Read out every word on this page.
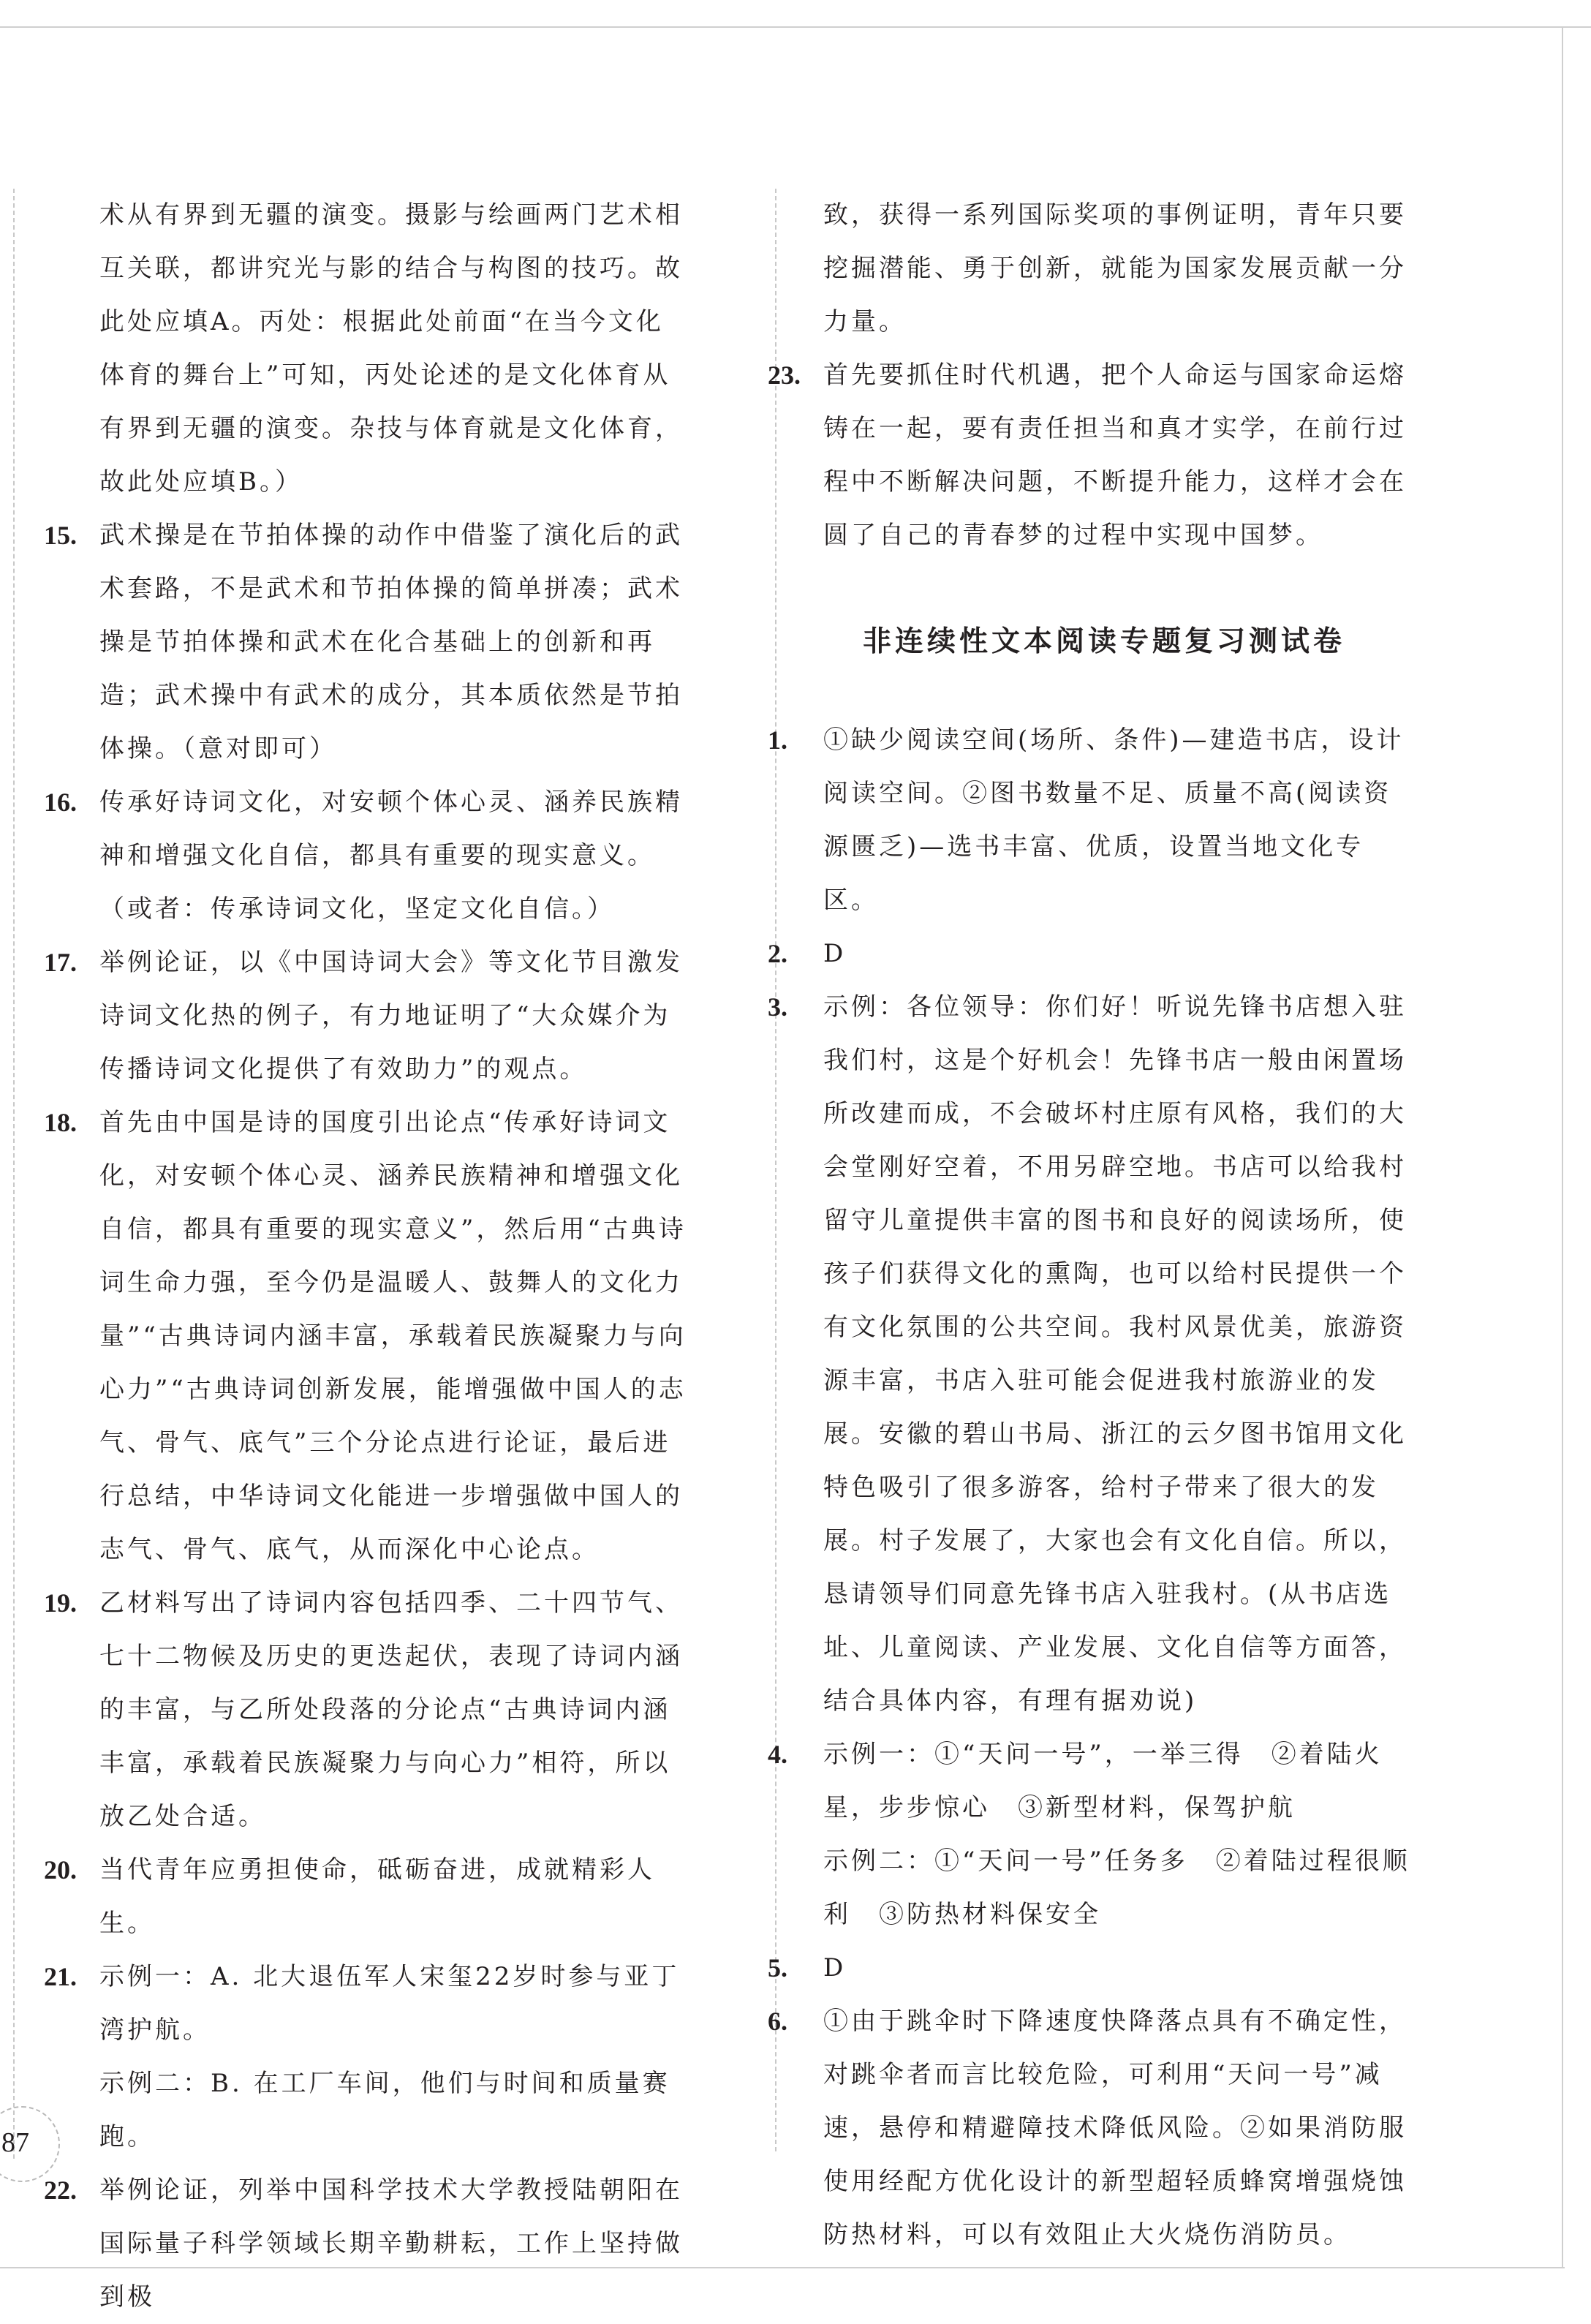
术从有界到无疆的演变。摄影与绘画两门艺术相互关联，都讲究光与影的结合与构图的技巧。故此处应填A。丙处：根据此处前面“在当今文化体育的舞台上”可知，丙处论述的是文化体育从有界到无疆的演变。杂技与体育就是文化体育，故此处应填B。）
15. 武术操是在节拍体操的动作中借鉴了演化后的武术套路，不是武术和节拍体操的简单拼凑；武术操是节拍体操和武术在化合基础上的创新和再造；武术操中有武术的成分，其本质依然是节拍体操。（意对即可）
16. 传承好诗词文化，对安顿个体心灵、涵养民族精神和增强文化自信，都具有重要的现实意义。（或者：传承诗词文化，坚定文化自信。）
17. 举例论证，以《中国诗词大会》等文化节目激发诗词文化热的例子，有力地证明了“大众媒介为传播诗词文化提供了有效助力”的观点。
18. 首先由中国是诗的国度引出论点“传承好诗词文化，对安顿个体心灵、涵养民族精神和增强文化自信，都具有重要的现实意义”，然后用“古典诗词生命力强，至今仍是温暖人、鼓舞人的文化力量”“古典诗词内涵丰富，承载着民族凝聚力与向心力”“古典诗词创新发展，能增强做中国人的志气、骨气、底气”三个分论点进行论证，最后进行总结，中华诗词文化能进一步增强做中国人的志气、骨气、底气，从而深化中心论点。
19. 乙材料写出了诗词内容包括四季、二十四节气、七十二物候及历史的更迭起伏，表现了诗词内涵的丰富，与乙所处段落的分论点“古典诗词内涵丰富，承载着民族凝聚力与向心力”相符，所以放乙处合适。
20. 当代青年应勇担使命，砥砺奋进，成就精彩人生。
21. 示例一：A. 北大退伍军人宋玺22岁时参与亚丁湾护航。
示例二：B. 在工厂车间，他们与时间和质量赛跑。
22. 举例论证，列举中国科学技术大学教授陆朝阳在国际量子科学领域长期辛勤耕耘，工作上坚持做到极
致，获得一系列国际奖项的事例证明，青年只要挖掘潜能、勇于创新，就能为国家发展贡献一分力量。
23. 首先要抓住时代机遇，把个人命运与国家命运熔铸在一起，要有责任担当和真才实学，在前行过程中不断解决问题，不断提升能力，这样才会在圆了自己的青春梦的过程中实现中国梦。
非连续性文本阅读专题复习测试卷
1.	①缺少阅读空间(场所、条件)—建造书店，设计阅读空间。②图书数量不足、质量不高(阅读资源匮乏)—选书丰富、优质，设置当地文化专区。
2.	D
3.	示例：各位领导：你们好！听说先锋书店想入驻我们村，这是个好机会！先锋书店一般由闲置场所改建而成，不会破坏村庄原有风格，我们的大会堂刚好空着，不用另辟空地。书店可以给我村留守儿童提供丰富的图书和良好的阅读场所，使孩子们获得文化的熏陶，也可以给村民提供一个有文化氛围的公共空间。我村风景优美，旅游资源丰富，书店入驻可能会促进我村旅游业的发展。安徽的碧山书局、浙江的云夕图书馆用文化特色吸引了很多游客，给村子带来了很大的发展。村子发展了，大家也会有文化自信。所以，恳请领导们同意先锋书店入驻我村。(从书店选址、儿童阅读、产业发展、文化自信等方面答，结合具体内容，有理有据劝说)
4.	示例一：①“天问一号”，一举三得　②着陆火星，步步惊心　③新型材料，保驾护航
示例二：①“天问一号”任务多　②着陆过程很顺利　③防热材料保安全
5.	D
6.	①由于跳伞时下降速度快降落点具有不确定性，对跳伞者而言比较危险，可利用“天问一号”减速，悬停和精避障技术降低风险。②如果消防服使用经配方优化设计的新型超轻质蜂窝增强烧蚀防热材料，可以有效阻止大火烧伤消防员。
87
